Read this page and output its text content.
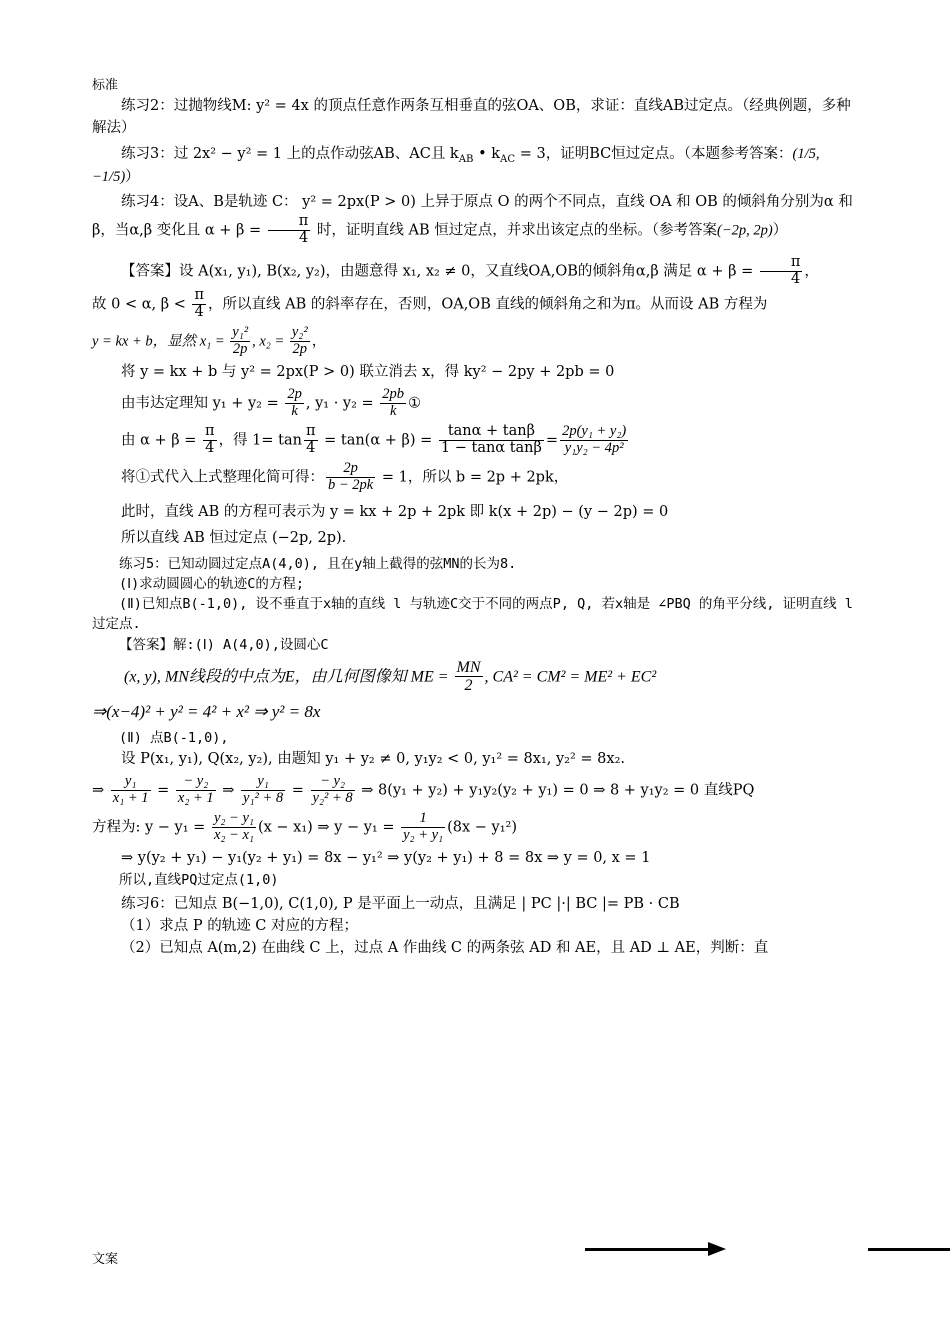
标准

练习2：过抛物线M: y² = 4x 的顶点任意作两条互相垂直的弦OA、OB，求证：直线AB过定点。（经典例题，多种解法）

练习3：过 2x² − y² = 1 上的点作动弦AB、AC且 $k_{AB}$ • $k_{AC} = 3$，证明BC恒过定点。（本题参考答案：(1/5, −1/5)）

练习4：设A、B是轨迹 C： y² = 2px(P > 0) 上异于原点 O 的两个不同点，直线 OA 和 OB 的倾斜角分别为α 和β，当α,β 变化且 $\alpha + \beta = \frac{\pi}{4}$ 时，证明直线 AB 恒过定点，并求出该定点的坐标。（参考答案(−2p, 2p)）

【答案】设 A(x₁, y₁), B(x₂, y₂)，由题意得 x₁, x₂ ≠ 0，又直线OA,OB的倾斜角α,β 满足 $\alpha + \beta = \frac{\pi}{4}$ ，

故 0 < α, $\beta < \frac{\pi}{4}$ ，所以直线 AB 的斜率存在，否则，OA,OB 直线的倾斜角之和为π。从而设 AB 方程为

y = kx + b，显然 $x_1 = \frac{\text{y₁²}}{2p}$ , $x_2 = \frac{\text{y₂²}}{2p}$ ，

将 y = kx + b 与 y² = 2px(P > 0) 联立消去 x，得 ky² − 2py + 2pb = 0

由韦达定理知 $y_1 + y_2 = \frac{2p}{k}$ , $y_1 \cdot y_2 = \frac{2pb}{k}$ ①

由 $\alpha + \beta = \frac{\pi}{4}$ ，得 $1= \tan \frac{\pi}{4} = \tan(\alpha + \beta) = \frac{\tan\alpha + \tan\beta}{\text{1 − tanα tanβ}} = \frac{\text{2p(y₁ + y₂)}}{\text{y₁y₂ − 4p²}}$

将①式代入上式整理化简可得： $\frac{2p}{b - 2pk} = 1$，所以 b = 2p + 2pk，

此时，直线 AB 的方程可表示为 y = kx + 2p + 2pk 即 k(x + 2p) − (y − 2p) = 0

所以直线 AB 恒过定点 (−2p, 2p).

练习5：已知动圆过定点A(4,0), 且在y轴上截得的弦MN的长为8.

(Ⅰ)求动圆圆心的轨迹C的方程;

(Ⅱ)已知点B(-1,0), 设不垂直于x轴的直线 l 与轨迹C交于不同的两点P, Q, 若x轴是 ∠PBQ 的角平分线, 证明直线 l 过定点.

【答案】解:(Ⅰ) A(4,0),设圆心C

(x, y), MN线段的中点为E，由几何图像知 ME = $\frac{MN}{2}$ , CA² = CM² = ME² + EC²

⇒(x−4)² + y² = 4² + x² ⇒ y² = 8x

(Ⅱ) 点B(-1,0),

设 P(x₁, y₁), Q(x₂, y₂), 由题知 y₁ + y₂ ≠ 0, y₁y₂ < 0, y₁² = 8x₁, y₂² = 8x₂.

⇒ $\frac{\text{y₁}}{\text{x₁ + 1}} = \frac{\text{− y₂}}{\text{x₂ + 1}}$ ⇒ $\frac{\text{y₁}}{\text{y₁² + 8}} = \frac{\text{− y₂}}{\text{y₂² + 8}}$ ⇒ 8(y₁ + y₂) + y₁y₂(y₂ + y₁) = 0 ⇒ 8 + y₁y₂ = 0 直线PQ

方程为: $y - y_1 = \frac{\text{y₂ − y₁}}{\text{x₂ − x₁}} (x - x_1)$ ⇒ $y - y_1 = \frac{1}{\text{y₂ + y₁}} (8x - y_1^2)$

⇒ y(y₂ + y₁) − y₁(y₂ + y₁) = 8x − y₁² ⇒ y(y₂ + y₁) + 8 = 8x ⇒ y = 0, x = 1

所以,直线PQ过定点(1,0)

练习6：已知点 B(−1,0), C(1,0), P 是平面上一动点，且满足 | PC |·| BC |= PB · CB

（1）求点 P 的轨迹 C 对应的方程；

（2）已知点 A(m,2) 在曲线 C 上，过点 A 作曲线 C 的两条弦 AD 和 AE，且 AD ⊥ AE，判断：直

文案
